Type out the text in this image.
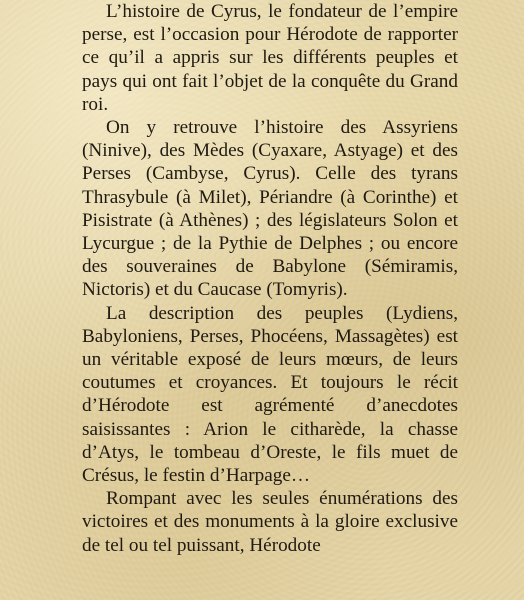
L’histoire de Cyrus, le fondateur de l’empire perse, est l’occasion pour Hérodote de rapporter ce qu’il a appris sur les différents peuples et pays qui ont fait l’objet de la conquête du Grand roi.

On y retrouve l’histoire des Assyriens (Ninive), des Mèdes (Cyaxare, Astyage) et des Perses (Cambyse, Cyrus). Celle des tyrans Thrasybule (à Milet), Périandre (à Corinthe) et Pisistrate (à Athènes) ; des législateurs Solon et Lycurgue ; de la Pythie de Delphes ; ou encore des souveraines de Babylone (Sémiramis, Nictoris) et du Caucase (Tomyris).

La description des peuples (Lydiens, Babyloniens, Perses, Phocéens, Massagètes) est un véritable exposé de leurs mœurs, de leurs coutumes et croyances. Et toujours le récit d’Hérodote est agrémenté d’anecdotes saisissantes : Arion le citharède, la chasse d’Atys, le tombeau d’Oreste, le fils muet de Crésus, le festin d’Harpage…

Rompant avec les seules énumérations des victoires et des monuments à la gloire exclusive de tel ou tel puissant, Hérodote
